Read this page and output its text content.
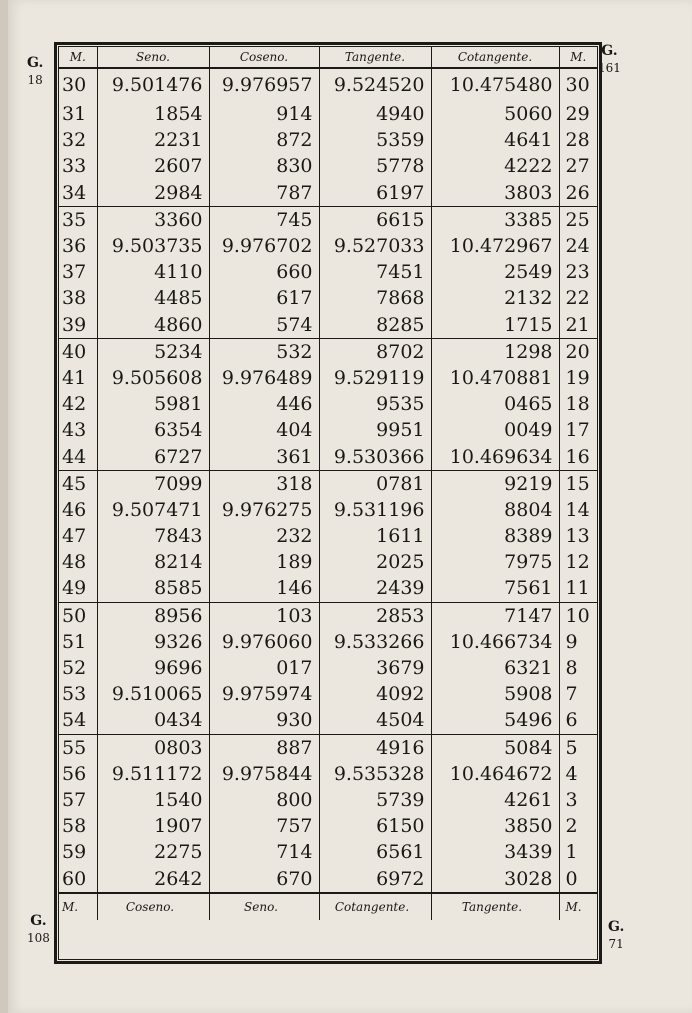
G.
18
G.
161
G.
108
G.
71
M.	Seno.	Coseno.	Tangente.	Cotangente.	M.
30	9.501476	9.976957	9.524520	10.475480	30
31	1854	914	4940	5060	29
32	2231	872	5359	4641	28
33	2607	830	5778	4222	27
34	2984	787	6197	3803	26
35	3360	745	6615	3385	25
36	9.503735	9.976702	9.527033	10.472967	24
37	4110	660	7451	2549	23
38	4485	617	7868	2132	22
39	4860	574	8285	1715	21
40	5234	532	8702	1298	20
41	9.505608	9.976489	9.529119	10.470881	19
42	5981	446	9535	0465	18
43	6354	404	9951	0049	17
44	6727	361	9.530366	10.469634	16
45	7099	318	0781	9219	15
46	9.507471	9.976275	9.531196	8804	14
47	7843	232	1611	8389	13
48	8214	189	2025	7975	12
49	8585	146	2439	7561	11
50	8956	103	2853	7147	10
51	9326	9.976060	9.533266	10.466734	9
52	9696	017	3679	6321	8
53	9.510065	9.975974	4092	5908	7
54	0434	930	4504	5496	6
55	0803	887	4916	5084	5
56	9.511172	9.975844	9.535328	10.464672	4
57	1540	800	5739	4261	3
58	1907	757	6150	3850	2
59	2275	714	6561	3439	1
60	2642	670	6972	3028	0
M.	Coseno.	Seno.	Cotangente.	Tangente.	M.
